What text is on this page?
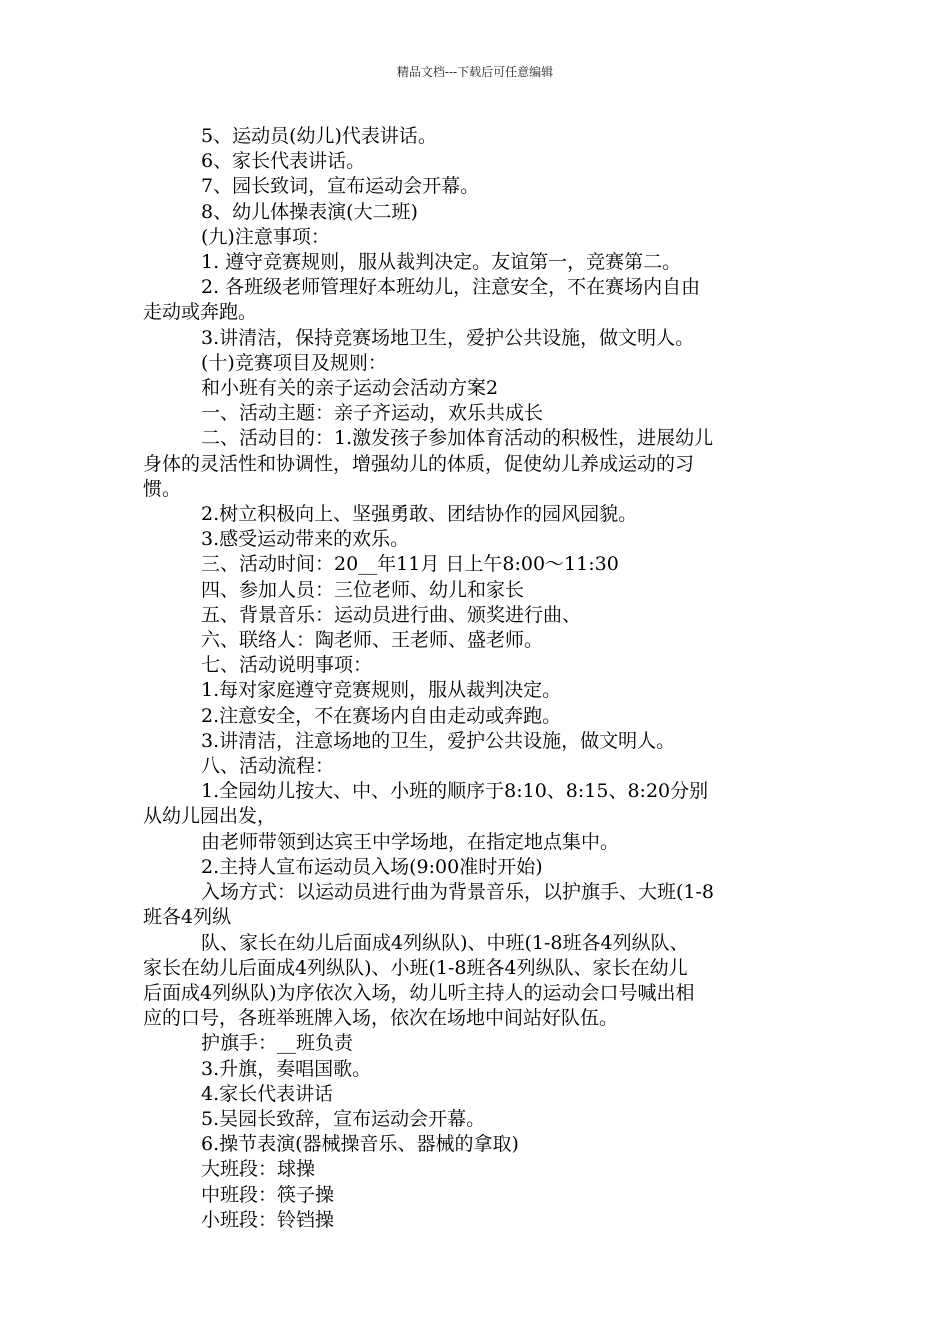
精品文档---下载后可任意编辑
5、运动员(幼儿)代表讲话。
6、家长代表讲话。
7、园长致词，宣布运动会开幕。
8、幼儿体操表演(大二班)
(九)注意事项：
1. 遵守竞赛规则，服从裁判决定。友谊第一，竞赛第二。
2. 各班级老师管理好本班幼儿，注意安全，不在赛场内自由
走动或奔跑。
3.讲清洁，保持竞赛场地卫生，爱护公共设施，做文明人。
(十)竞赛项目及规则：
和小班有关的亲子运动会活动方案2
一、活动主题：亲子齐运动，欢乐共成长
二、活动目的：1.激发孩子参加体育活动的积极性，进展幼儿
身体的灵活性和协调性，增强幼儿的体质，促使幼儿养成运动的习
惯。
2.树立积极向上、坚强勇敢、团结协作的园风园貌。
3.感受运动带来的欢乐。
三、活动时间：20__年11月 日上午8:00～11:30
四、参加人员：三位老师、幼儿和家长
五、背景音乐：运动员进行曲、颁奖进行曲、
六、联络人：陶老师、王老师、盛老师。
七、活动说明事项：
1.每对家庭遵守竞赛规则，服从裁判决定。
2.注意安全，不在赛场内自由走动或奔跑。
3.讲清洁，注意场地的卫生，爱护公共设施，做文明人。
八、活动流程：
1.全园幼儿按大、中、小班的顺序于8:10、8:15、8:20分别
从幼儿园出发，
由老师带领到达宾王中学场地，在指定地点集中。
2.主持人宣布运动员入场(9:00准时开始)
入场方式：以运动员进行曲为背景音乐，以护旗手、大班(1-8
班各4列纵
队、家长在幼儿后面成4列纵队)、中班(1-8班各4列纵队、
家长在幼儿后面成4列纵队)、小班(1-8班各4列纵队、家长在幼儿
后面成4列纵队)为序依次入场，幼儿听主持人的运动会口号喊出相
应的口号，各班举班牌入场，依次在场地中间站好队伍。
护旗手：__班负责
3.升旗，奏唱国歌。
4.家长代表讲话
5.吴园长致辞，宣布运动会开幕。
6.操节表演(器械操音乐、器械的拿取)
大班段：球操
中班段：筷子操
小班段：铃铛操
